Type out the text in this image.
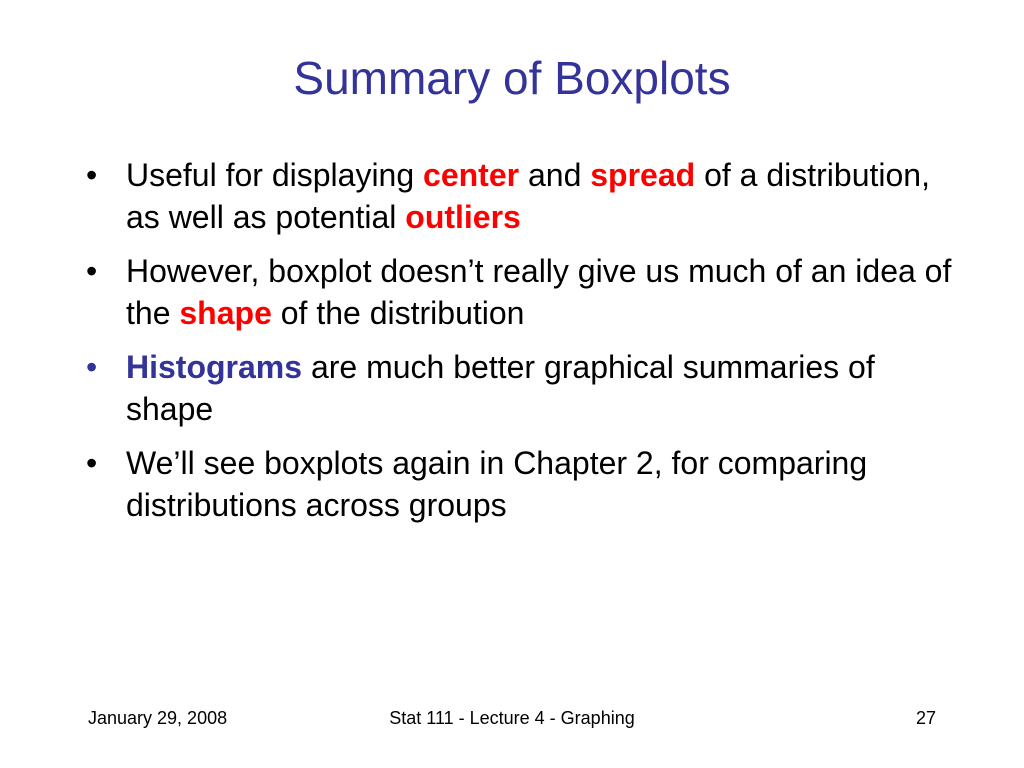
Summary of Boxplots
• Useful for displaying center and spread of a distribution, as well as potential outliers
• However, boxplot doesn’t really give us much of an idea of the shape of the distribution
• Histograms are much better graphical summaries of shape
• We’ll see boxplots again in Chapter 2, for comparing distributions across groups
January 29, 2008	Stat 111 - Lecture 4 - Graphing	27
